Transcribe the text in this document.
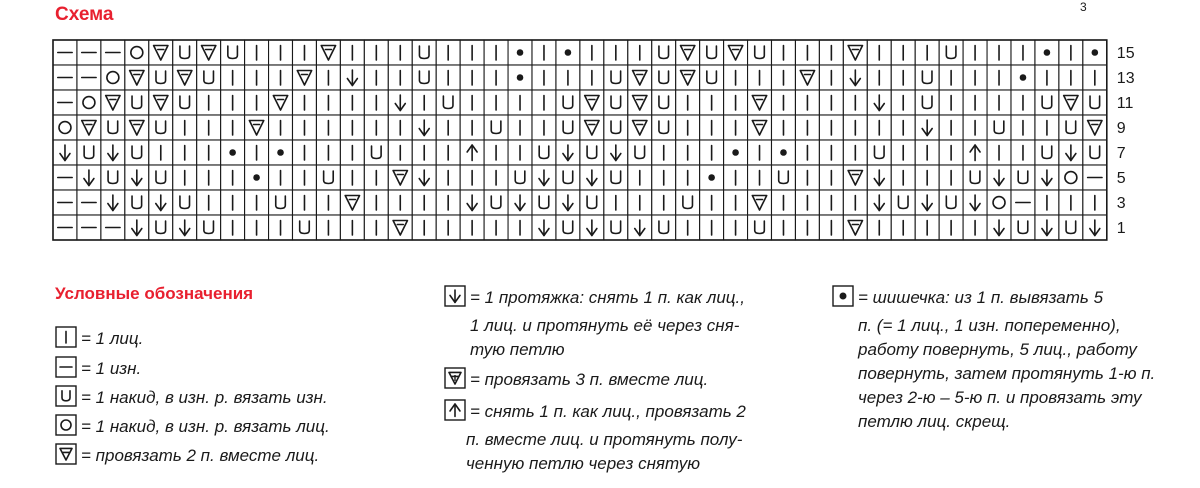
Схема	3
15
13
11
9
7
5
3
1
Условные обозначения
= 1 лиц.
= 1 изн.
= 1 накид, в изн. р. вязать изн.
= 1 накид, в изн. р. вязать лиц.
= провязать 2 п. вместе лиц.
= 1 протяжка: снять 1 п. как лиц.,
1 лиц. и протянуть её через сня-
тую петлю
= провязать 3 п. вместе лиц.
= снять 1 п. как лиц., провязать 2
п. вместе лиц. и протянуть полу-
ченную петлю через снятую
= шишечка: из 1 п. вывязать 5
п. (= 1 лиц., 1 изн. попеременно),
работу повернуть, 5 лиц., работу
повернуть, затем протянуть 1-ю п.
через 2-ю – 5-ю п. и провязать эту
петлю лиц. скрещ.
